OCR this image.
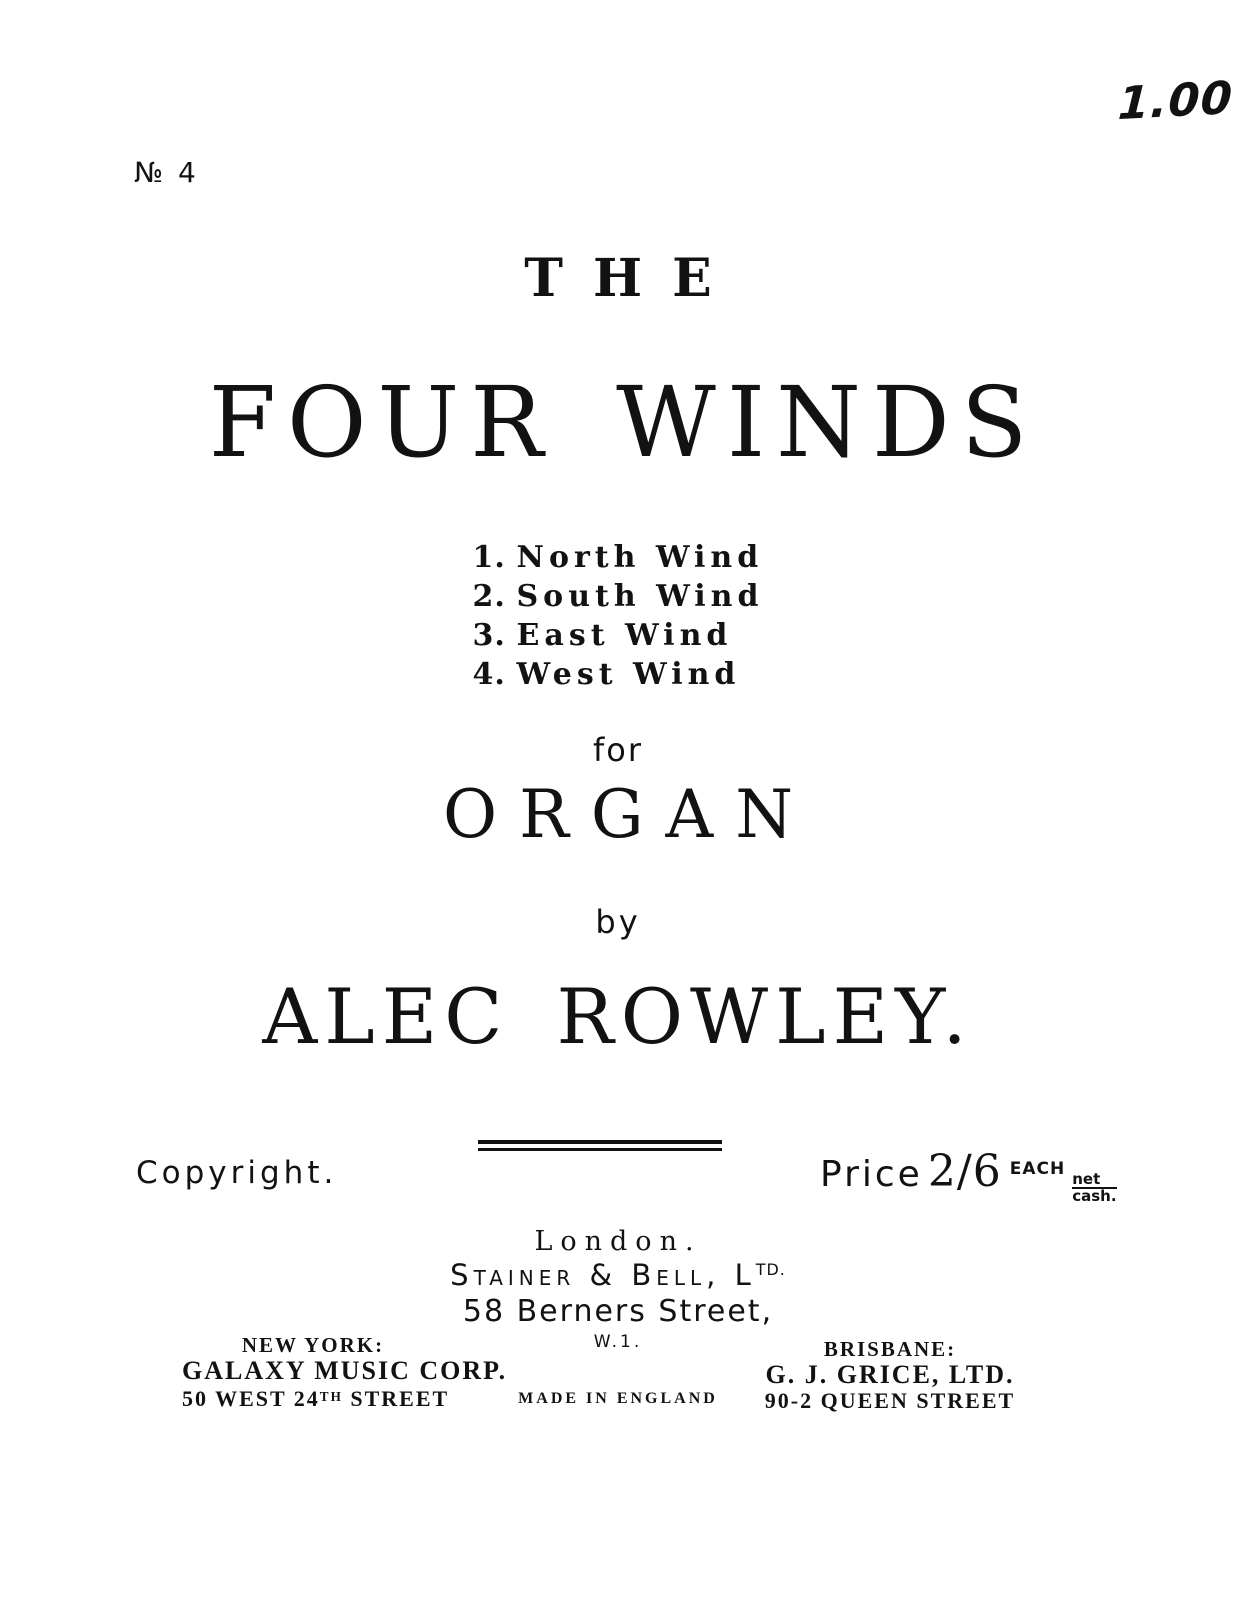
1.00
№ 4
THE
FOUR WINDS
1. North Wind
2. South Wind
3. East Wind
4. West Wind
for
ORGAN
by
ALEC ROWLEY.
Copyright.	Price 2/6 EACH net
cash.
London.
Stainer & Bell, $L^{TD.}$
58 Berners Street,
W.1.
NEW YORK:
GALAXY MUSIC CORP.
50 WEST 24TH STREET	MADE IN ENGLAND
BRISBANE:
G. J. GRICE, LTD.
90-2 QUEEN STREET
